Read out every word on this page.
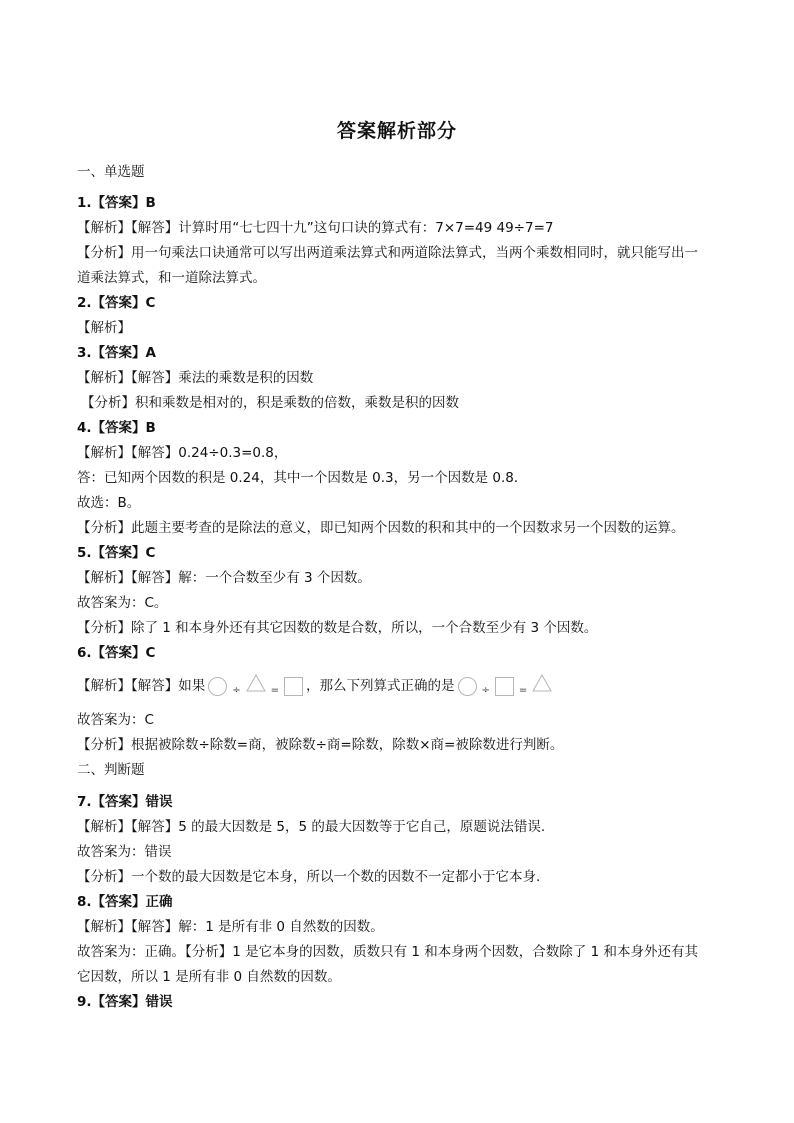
答案解析部分
一、单选题
1.【答案】B
【解析】【解答】计算时用“七七四十九”这句口诀的算式有：7×7=49 49÷7=7
【分析】用一句乘法口诀通常可以写出两道乘法算式和两道除法算式，当两个乘数相同时，就只能写出一
道乘法算式，和一道除法算式。
2.【答案】C
【解析】
3.【答案】A
【解析】【解答】乘法的乘数是积的因数
【分析】积和乘数是相对的，积是乘数的倍数，乘数是积的因数
4.【答案】B
【解析】【解答】0.24÷0.3=0.8，
答：已知两个因数的积是 0.24，其中一个因数是 0.3，另一个因数是 0.8．
故选：B。
【分析】此题主要考查的是除法的意义，即已知两个因数的积和其中的一个因数求另一个因数的运算。
5.【答案】C
【解析】【解答】解：一个合数至少有 3 个因数。
故答案为：C。
【分析】除了 1 和本身外还有其它因数的数是合数，所以，一个合数至少有 3 个因数。
6.【答案】C
【解析】【解答】如果	÷	= ，那么下列算式正确的是	÷	=
故答案为：C
【分析】根据被除数÷除数=商，被除数÷商=除数，除数×商=被除数进行判断。
二、判断题
7.【答案】错误
【解析】【解答】5 的最大因数是 5，5 的最大因数等于它自己，原题说法错误.
故答案为：错误
【分析】一个数的最大因数是它本身，所以一个数的因数不一定都小于它本身.
8.【答案】正确
【解析】【解答】解：1 是所有非 0 自然数的因数。
故答案为：正确。【分析】1 是它本身的因数，质数只有 1 和本身两个因数，合数除了 1 和本身外还有其
它因数，所以 1 是所有非 0 自然数的因数。
9.【答案】错误
